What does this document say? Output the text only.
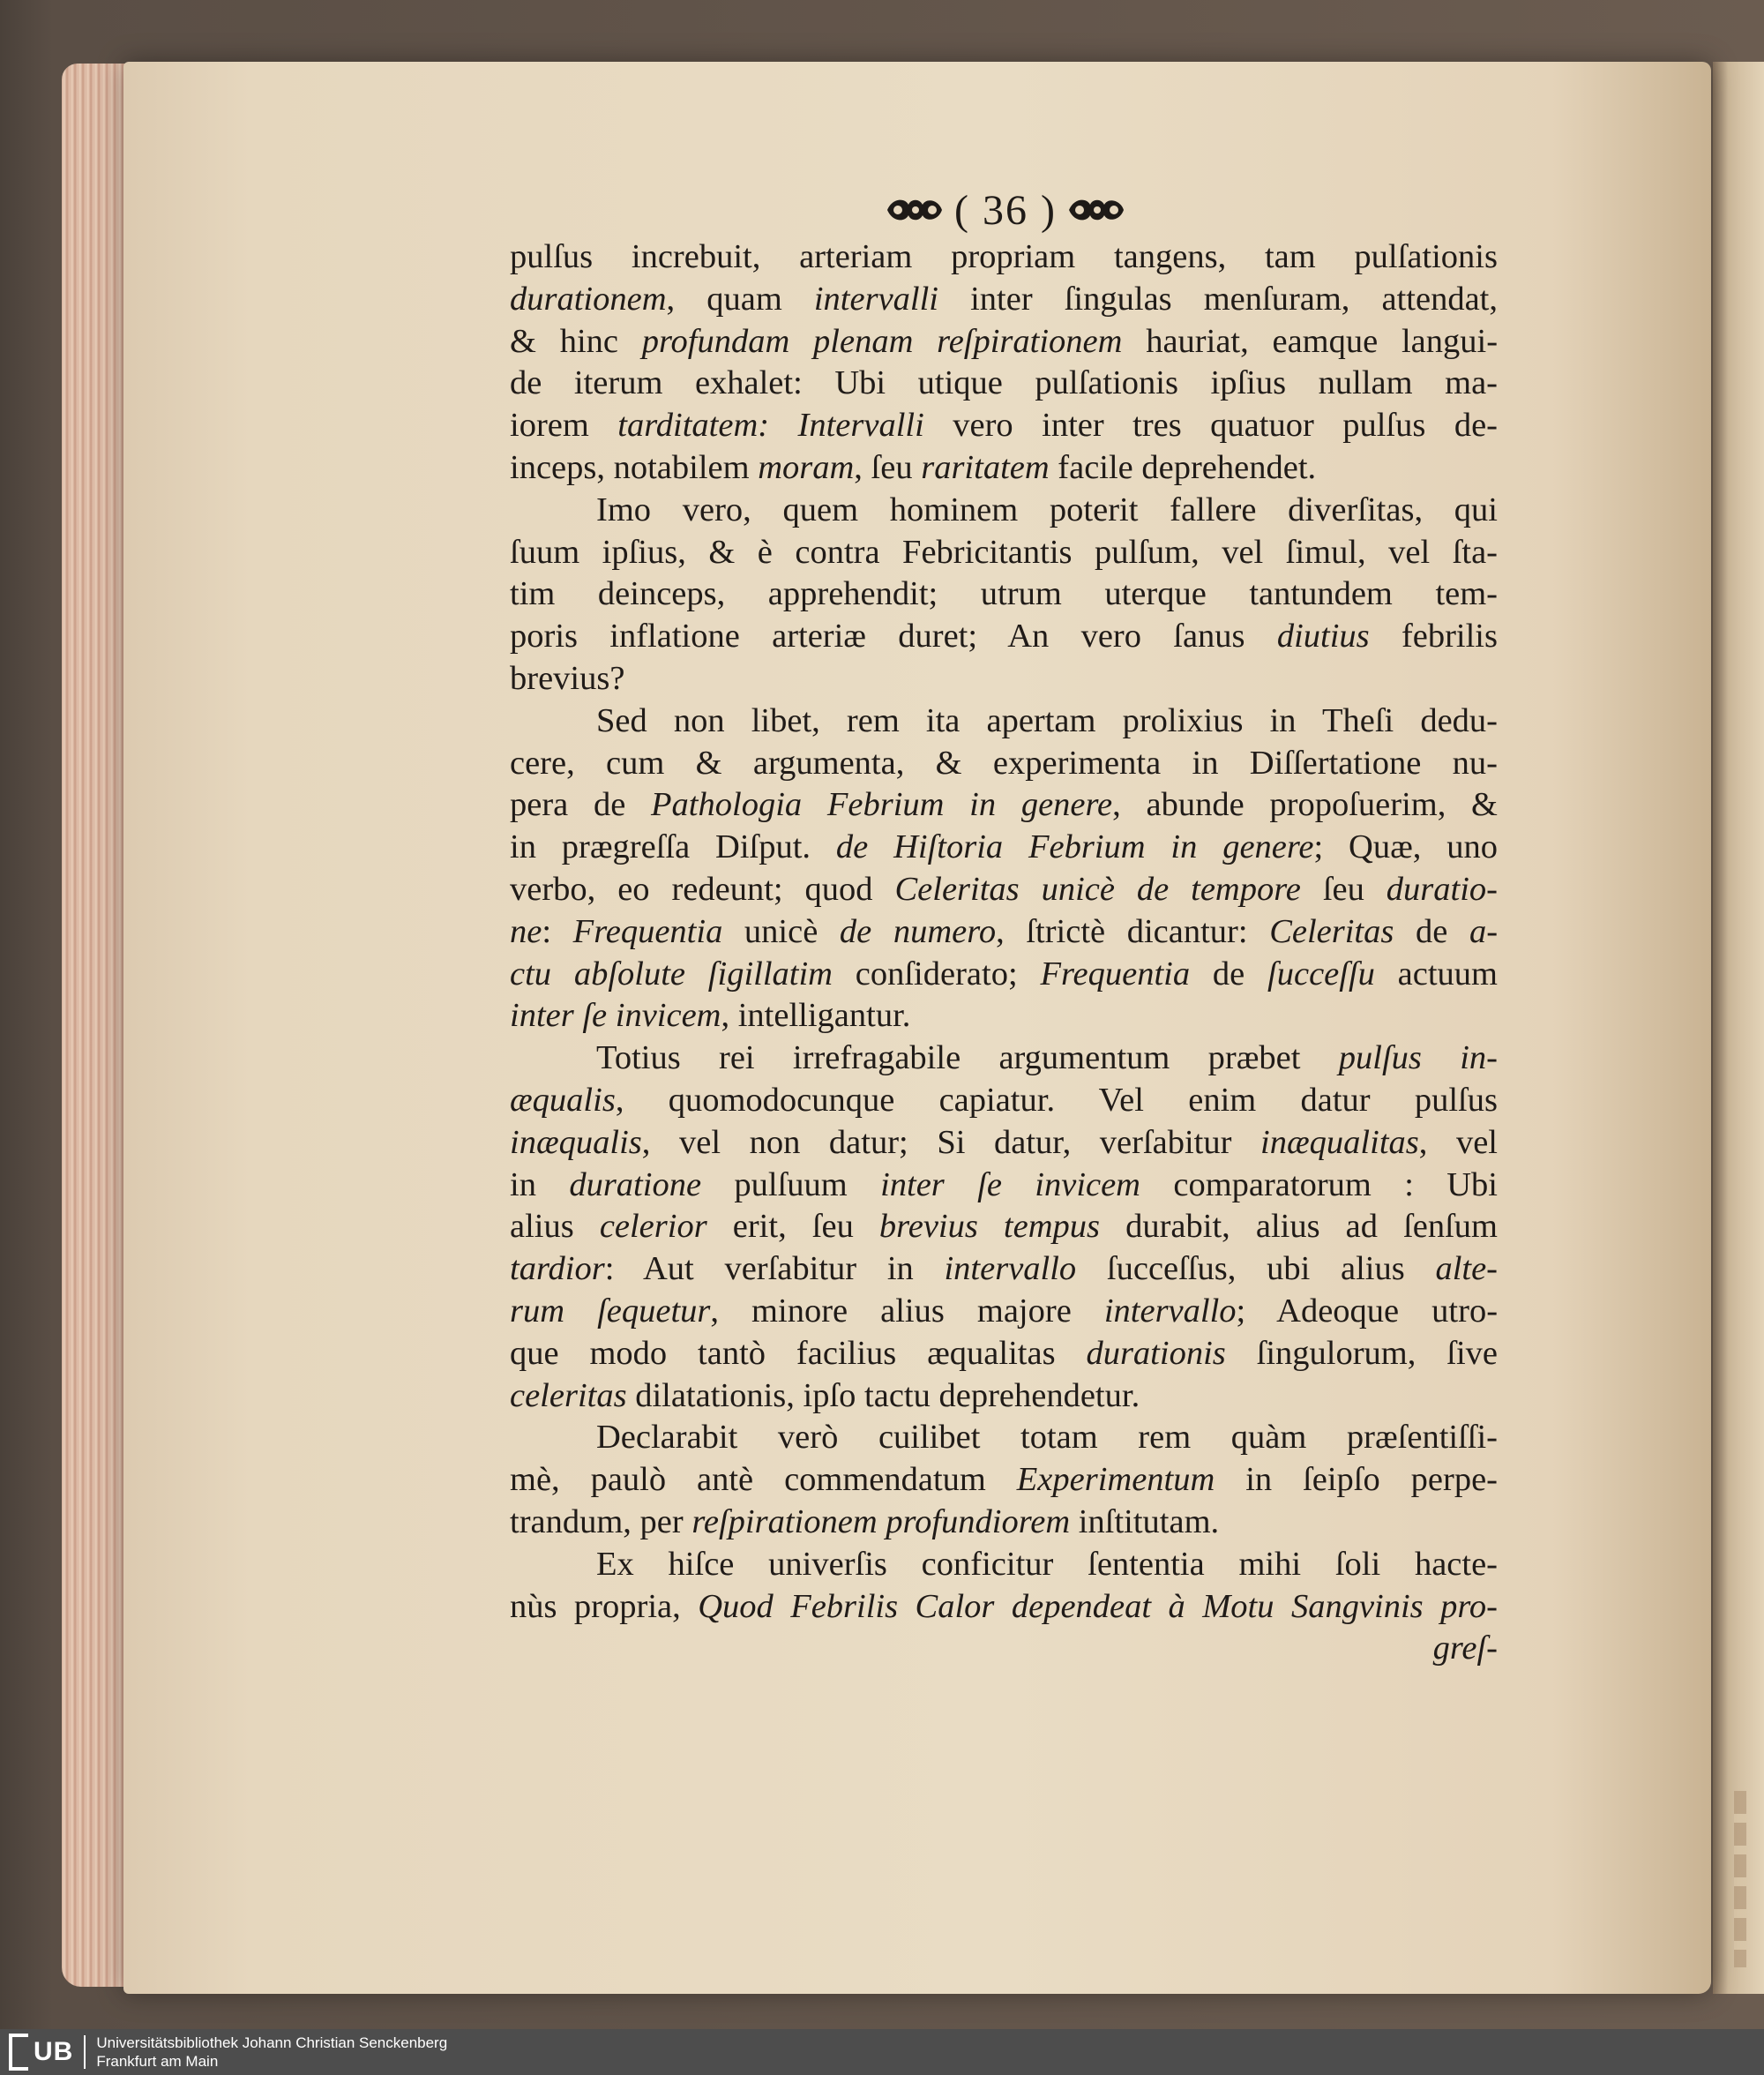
( 36 )
pulſus increbuit, arteriam propriam tangens, tam pulſationis
durationem, quam intervalli inter ſingulas menſuram, attendat,
& hinc profundam plenam reſpirationem hauriat, eamque langui-
de iterum exhalet: Ubi utique pulſationis ipſius nullam ma-
iorem tarditatem: Intervalli vero inter tres quatuor pulſus de-
inceps, notabilem moram, ſeu raritatem facile deprehendet.
Imo vero, quem hominem poterit fallere diverſitas, qui
ſuum ipſius, & è contra Febricitantis pulſum, vel ſimul, vel ſta-
tim deinceps, apprehendit; utrum uterque tantundem tem-
poris inflatione arteriæ duret; An vero ſanus diutius febrilis
brevius?
Sed non libet, rem ita apertam prolixius in Theſi dedu-
cere, cum & argumenta, & experimenta in Diſſertatione nu-
pera de Pathologia Febrium in genere, abunde propoſuerim, &
in prægreſſa Diſput. de Hiſtoria Febrium in genere; Quæ, uno
verbo, eo redeunt; quod Celeritas unicè de tempore ſeu duratio-
ne: Frequentia unicè de numero, ſtrictè dicantur: Celeritas de a-
ctu abſolute ſigillatim conſiderato; Frequentia de ſucceſſu actuum
inter ſe invicem, intelligantur.
Totius rei irrefragabile argumentum præbet pulſus in-
æqualis, quomodocunque capiatur. Vel enim datur pulſus
inæqualis, vel non datur; Si datur, verſabitur inæqualitas, vel
in duratione pulſuum inter ſe invicem comparatorum : Ubi
alius celerior erit, ſeu brevius tempus durabit, alius ad ſenſum
tardior: Aut verſabitur in intervallo ſucceſſus, ubi alius alte-
rum ſequetur, minore alius majore intervallo; Adeoque utro-
que modo tantò facilius æqualitas durationis ſingulorum, ſive
celeritas dilatationis, ipſo tactu deprehendetur.
Declarabit verò cuilibet totam rem quàm præſentiſſi-
mè, paulò antè commendatum Experimentum in ſeipſo perpe-
trandum, per reſpirationem profundiorem inſtitutam.
Ex hiſce univerſis conficitur ſententia mihi ſoli hacte-
nùs propria, Quod Febrilis Calor dependeat à Motu Sangvinis pro-
greſ-
UB Universitätsbibliothek Johann Christian Senckenberg
Frankfurt am Main
